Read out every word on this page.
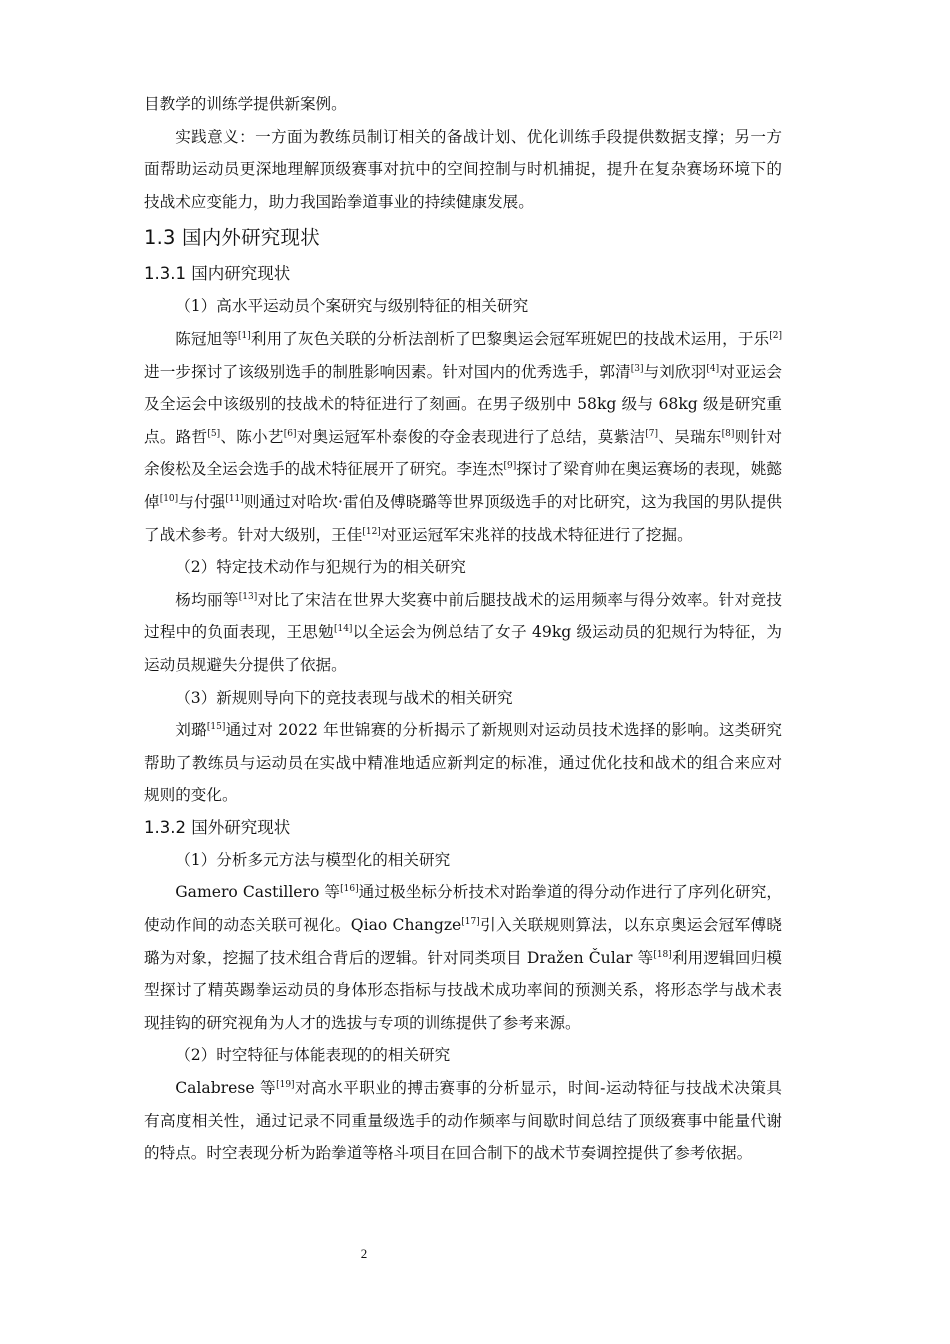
目教学的训练学提供新案例。

实践意义：一方面为教练员制订相关的备战计划、优化训练手段提供数据支撑；另一方面帮助运动员更深地理解顶级赛事对抗中的空间控制与时机捕捉，提升在复杂赛场环境下的技战术应变能力，助力我国跆拳道事业的持续健康发展。

1.3 国内外研究现状
1.3.1 国内研究现状

（1）高水平运动员个案研究与级别特征的相关研究

陈冠旭等[1]利用了灰色关联的分析法剖析了巴黎奥运会冠军班妮巴的技战术运用，于乐[2]进一步探讨了该级别选手的制胜影响因素。针对国内的优秀选手，郭清[3]与刘欣羽[4]对亚运会及全运会中该级别的技战术的特征进行了刻画。在男子级别中 58kg 级与 68kg 级是研究重点。路哲[5]、陈小艺[6]对奥运冠军朴泰俊的夺金表现进行了总结，莫紫洁[7]、吴瑞东[8]则针对余俊松及全运会选手的战术特征展开了研究。李连杰[9]探讨了梁育帅在奥运赛场的表现，姚懿倬[10]与付强[11]则通过对哈坎·雷伯及傅晓璐等世界顶级选手的对比研究，这为我国的男队提供了战术参考。针对大级别，王佳[12]对亚运冠军宋兆祥的技战术特征进行了挖掘。

（2）特定技术动作与犯规行为的相关研究

杨均丽等[13]对比了宋洁在世界大奖赛中前后腿技战术的运用频率与得分效率。针对竞技过程中的负面表现，王思勉[14]以全运会为例总结了女子 49kg 级运动员的犯规行为特征，为运动员规避失分提供了依据。

（3）新规则导向下的竞技表现与战术的相关研究

刘璐[15]通过对 2022 年世锦赛的分析揭示了新规则对运动员技术选择的影响。这类研究帮助了教练员与运动员在实战中精准地适应新判定的标准，通过优化技和战术的组合来应对规则的变化。

1.3.2 国外研究现状

（1）分析多元方法与模型化的相关研究

Gamero Castillero 等[16]通过极坐标分析技术对跆拳道的得分动作进行了序列化研究，使动作间的动态关联可视化。Qiao Changze[17]引入关联规则算法，以东京奥运会冠军傅晓璐为对象，挖掘了技术组合背后的逻辑。针对同类项目 Dražen Čular 等[18]利用逻辑回归模型探讨了精英踢拳运动员的身体形态指标与技战术成功率间的预测关系，将形态学与战术表现挂钩的研究视角为人才的选拔与专项的训练提供了参考来源。

（2）时空特征与体能表现的的相关研究

Calabrese 等[19]对高水平职业的搏击赛事的分析显示，时间-运动特征与技战术决策具有高度相关性，通过记录不同重量级选手的动作频率与间歇时间总结了顶级赛事中能量代谢的特点。时空表现分析为跆拳道等格斗项目在回合制下的战术节奏调控提供了参考依据。

2
